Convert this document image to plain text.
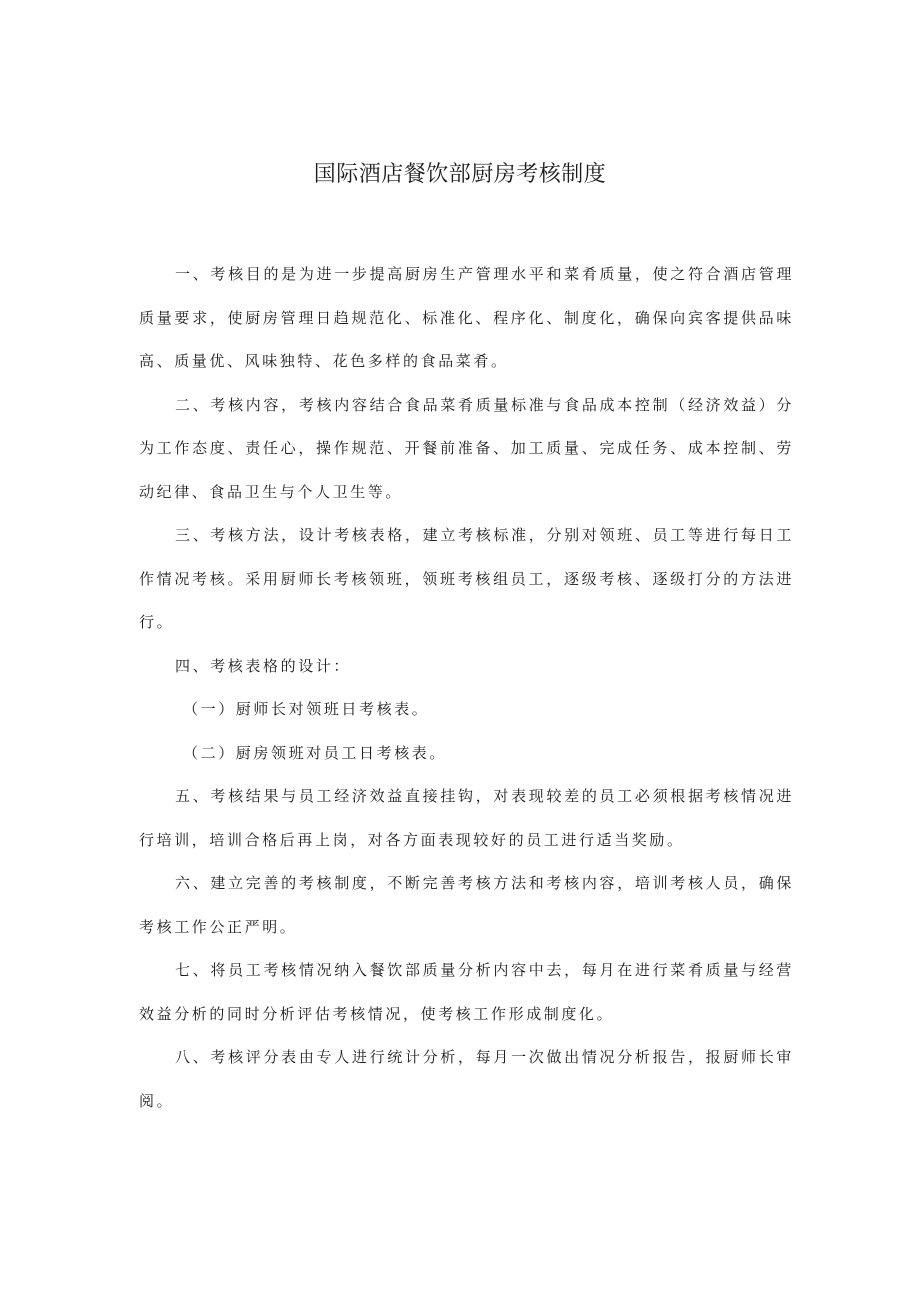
国际酒店餐饮部厨房考核制度

一、考核目的是为进一步提高厨房生产管理水平和菜肴质量，使之符合酒店管理质量要求，使厨房管理日趋规范化、标准化、程序化、制度化，确保向宾客提供品味高、质量优、风味独特、花色多样的食品菜肴。

二、考核内容，考核内容结合食品菜肴质量标准与食品成本控制（经济效益）分为工作态度、责任心，操作规范、开餐前准备、加工质量、完成任务、成本控制、劳动纪律、食品卫生与个人卫生等。

三、考核方法，设计考核表格，建立考核标准，分别对领班、员工等进行每日工作情况考核。采用厨师长考核领班，领班考核组员工，逐级考核、逐级打分的方法进行。

四、考核表格的设计：

（一）厨师长对领班日考核表。

（二）厨房领班对员工日考核表。

五、考核结果与员工经济效益直接挂钩，对表现较差的员工必须根据考核情况进行培训，培训合格后再上岗，对各方面表现较好的员工进行适当奖励。

六、建立完善的考核制度，不断完善考核方法和考核内容，培训考核人员，确保考核工作公正严明。

七、将员工考核情况纳入餐饮部质量分析内容中去，每月在进行菜肴质量与经营效益分析的同时分析评估考核情况，使考核工作形成制度化。

八、考核评分表由专人进行统计分析，每月一次做出情况分析报告，报厨师长审阅。
